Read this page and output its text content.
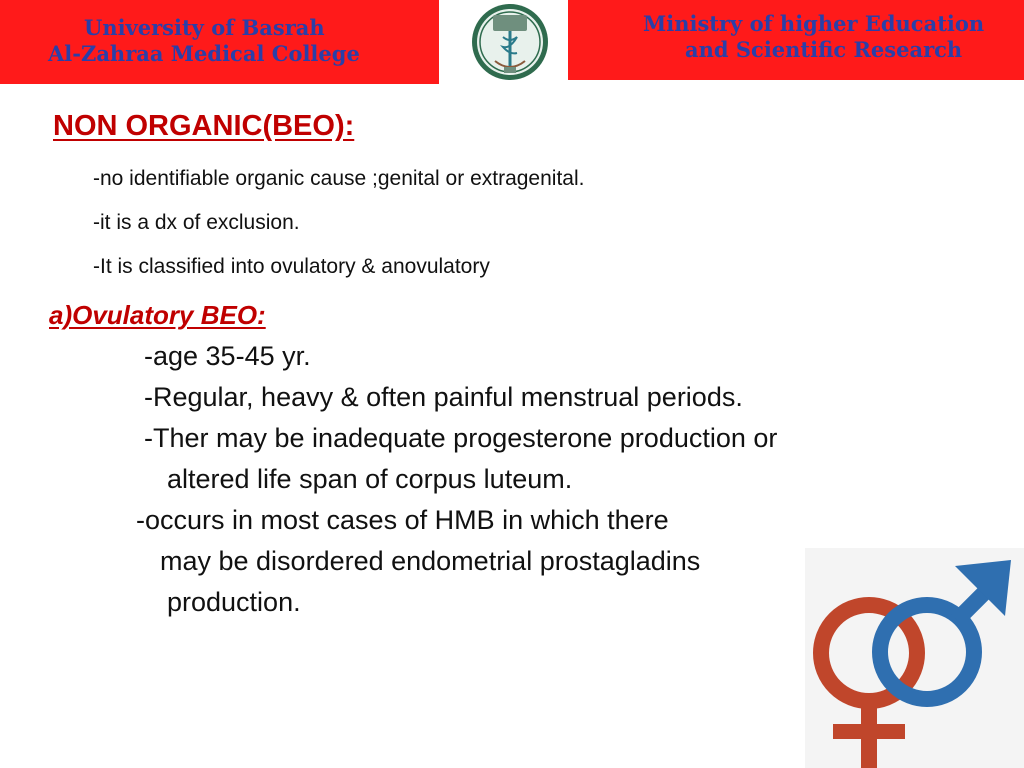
University of Basrah
Al-Zahraa Medical College
Ministry of higher Education
and Scientific Research
NON ORGANIC(BEO):
-no identifiable organic cause ;genital or extragenital.
-it is a dx of exclusion.
-It is classified into ovulatory & anovulatory
a)Ovulatory BEO:
-age 35-45 yr.
-Regular, heavy & often painful menstrual periods.
-Ther may be inadequate progesterone production or
altered life span of corpus luteum.
-occurs in most cases of HMB in which there
may be disordered endometrial prostagladins
production.
